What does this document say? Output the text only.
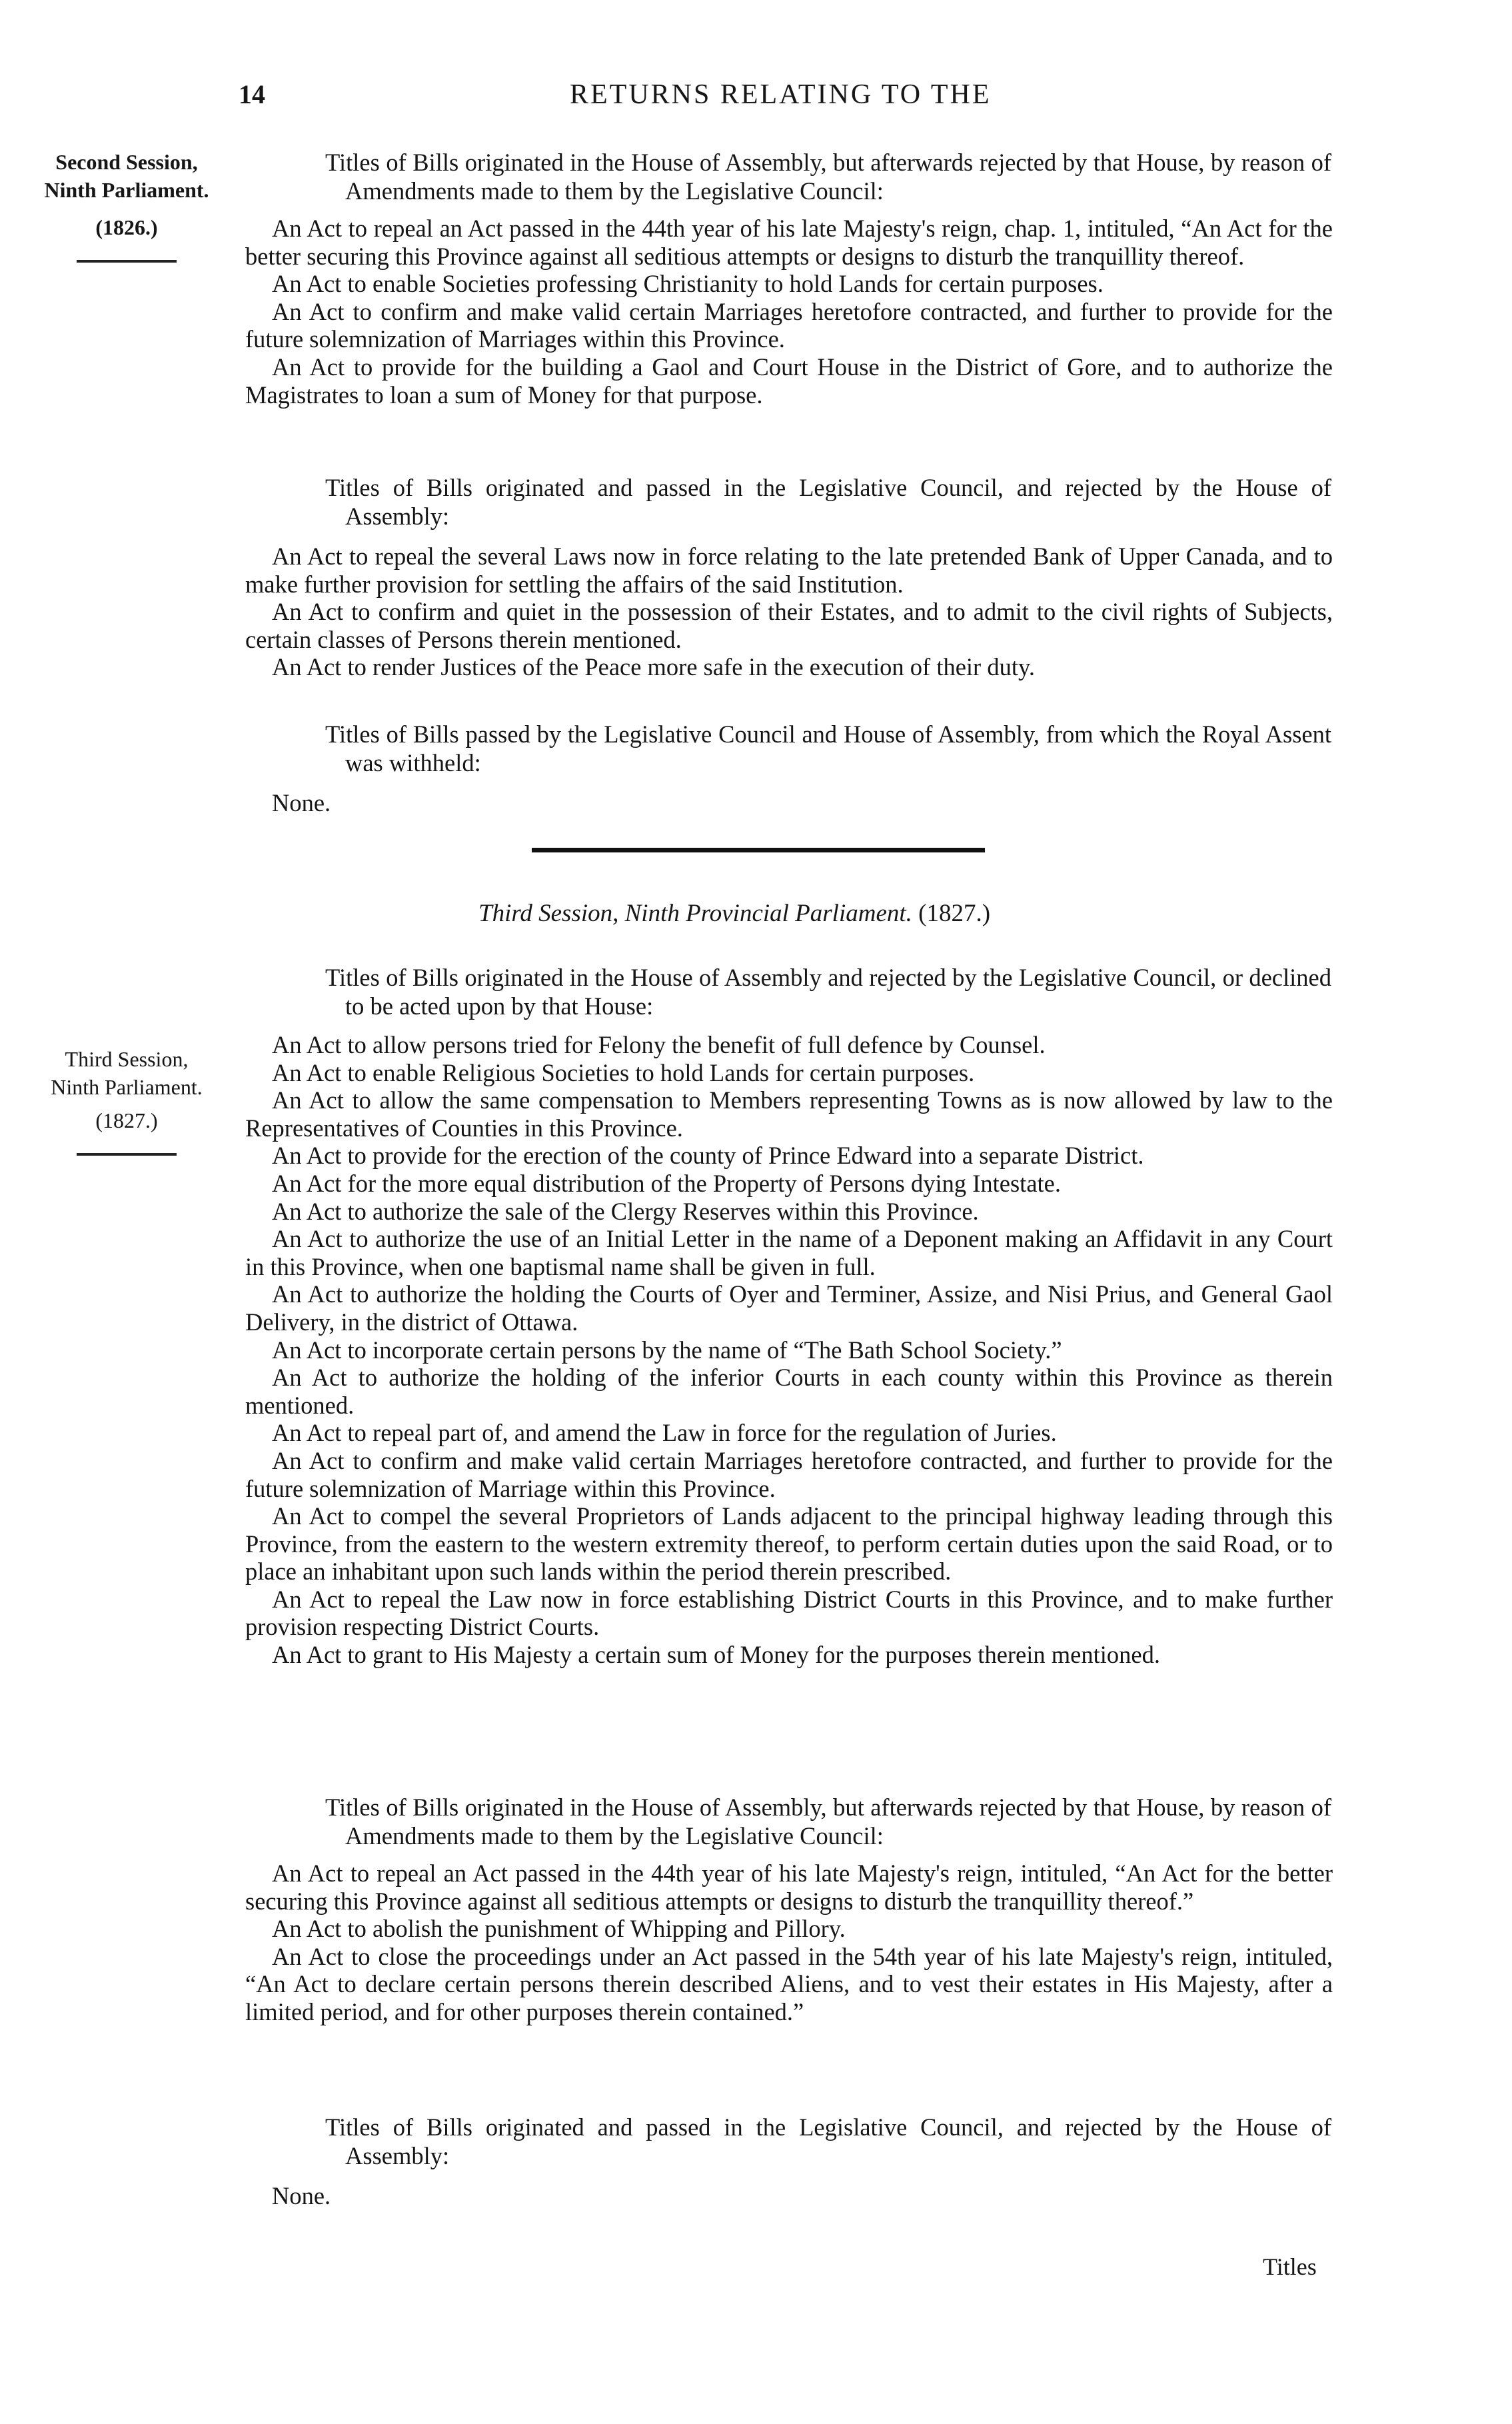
14	RETURNS RELATING TO THE
Second Session,
Ninth Parliament.
(1826.)
Third Session,
Ninth Parliament.
(1827.)

Titles of Bills originated in the House of Assembly, but afterwards rejected by that House, by reason of Amendments made to them by the Legislative Council:

An Act to repeal an Act passed in the 44th year of his late Majesty's reign, chap. 1, intituled, “An Act for the better securing this Province against all seditious attempts or designs to disturb the tranquillity thereof.

An Act to enable Societies professing Christianity to hold Lands for certain purposes.

An Act to confirm and make valid certain Marriages heretofore contracted, and further to provide for the future solemnization of Marriages within this Province.

An Act to provide for the building a Gaol and Court House in the District of Gore, and to authorize the Magistrates to loan a sum of Money for that purpose.

Titles of Bills originated and passed in the Legislative Council, and rejected by the House of Assembly:

An Act to repeal the several Laws now in force relating to the late pretended Bank of Upper Canada, and to make further provision for settling the affairs of the said Institution.

An Act to confirm and quiet in the possession of their Estates, and to admit to the civil rights of Subjects, certain classes of Persons therein mentioned.

An Act to render Justices of the Peace more safe in the execution of their duty.

Titles of Bills passed by the Legislative Council and House of Assembly, from which the Royal Assent was withheld:

None.

Third Session, Ninth Provincial Parliament. (1827.)

Titles of Bills originated in the House of Assembly and rejected by the Legislative Council, or declined to be acted upon by that House:

An Act to allow persons tried for Felony the benefit of full defence by Counsel.

An Act to enable Religious Societies to hold Lands for certain purposes.

An Act to allow the same compensation to Members representing Towns as is now allowed by law to the Representatives of Counties in this Province.

An Act to provide for the erection of the county of Prince Edward into a separate District.

An Act for the more equal distribution of the Property of Persons dying Intestate.

An Act to authorize the sale of the Clergy Reserves within this Province.

An Act to authorize the use of an Initial Letter in the name of a Deponent making an Affidavit in any Court in this Province, when one baptismal name shall be given in full.

An Act to authorize the holding the Courts of Oyer and Terminer, Assize, and Nisi Prius, and General Gaol Delivery, in the district of Ottawa.

An Act to incorporate certain persons by the name of “The Bath School Society.”

An Act to authorize the holding of the inferior Courts in each county within this Province as therein mentioned.

An Act to repeal part of, and amend the Law in force for the regulation of Juries.

An Act to confirm and make valid certain Marriages heretofore contracted, and further to provide for the future solemnization of Marriage within this Province.

An Act to compel the several Proprietors of Lands adjacent to the principal highway leading through this Province, from the eastern to the western extremity thereof, to perform certain duties upon the said Road, or to place an inhabitant upon such lands within the period therein prescribed.

An Act to repeal the Law now in force establishing District Courts in this Province, and to make further provision respecting District Courts.

An Act to grant to His Majesty a certain sum of Money for the purposes therein mentioned.

Titles of Bills originated in the House of Assembly, but afterwards rejected by that House, by reason of Amendments made to them by the Legislative Council:

An Act to repeal an Act passed in the 44th year of his late Majesty's reign, intituled, “An Act for the better securing this Province against all seditious attempts or designs to disturb the tranquillity thereof.”

An Act to abolish the punishment of Whipping and Pillory.

An Act to close the proceedings under an Act passed in the 54th year of his late Majesty's reign, intituled, “An Act to declare certain persons therein described Aliens, and to vest their estates in His Majesty, after a limited period, and for other purposes therein contained.”

Titles of Bills originated and passed in the Legislative Council, and rejected by the House of Assembly:

None.

Titles
